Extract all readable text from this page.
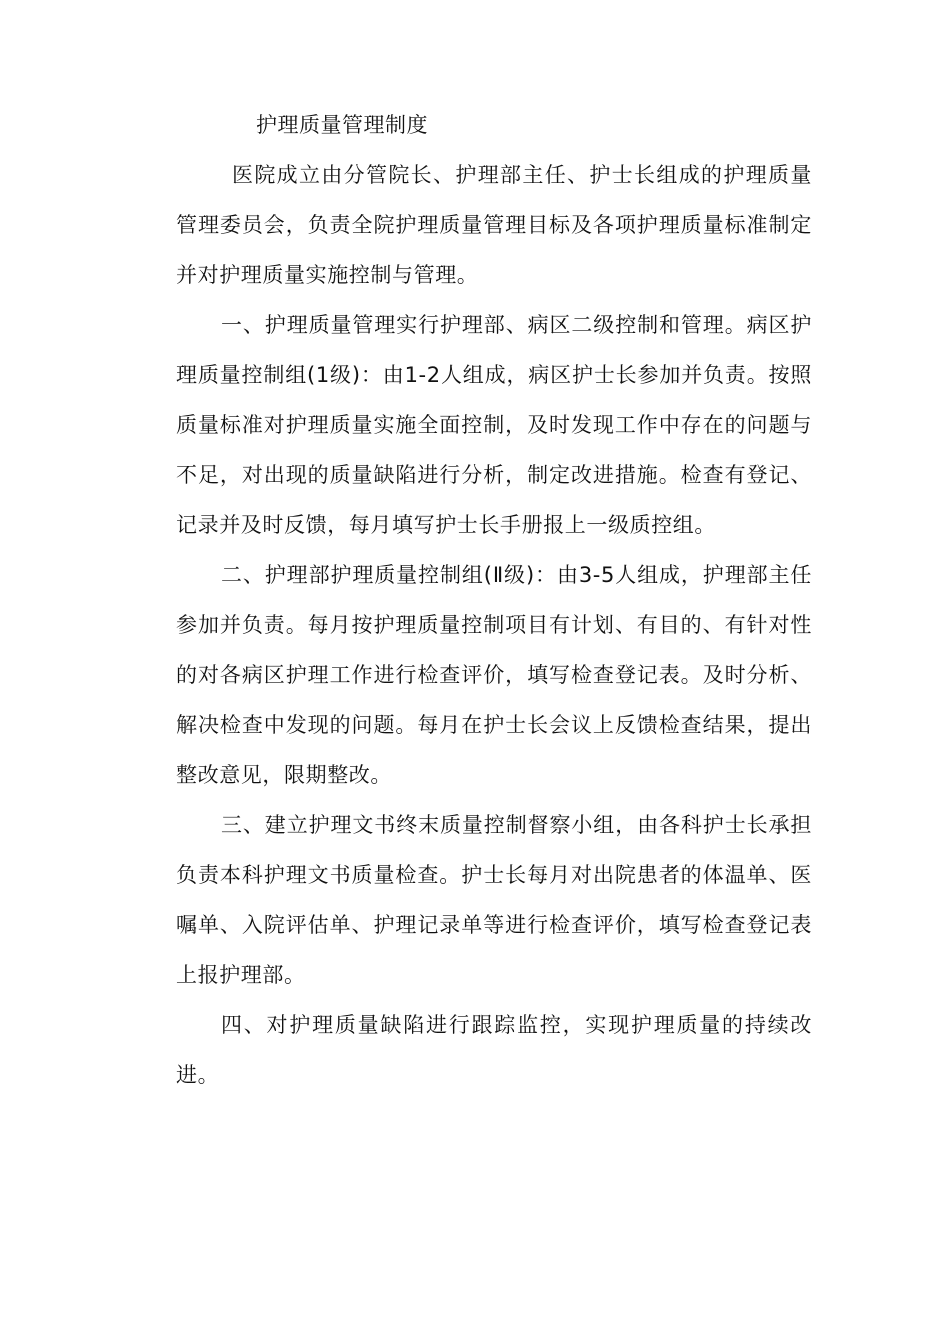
护理质量管理制度

医院成立由分管院长、护理部主任、护士长组成的护理质量管理委员会，负责全院护理质量管理目标及各项护理质量标准制定并对护理质量实施控制与管理。

一、护理质量管理实行护理部、病区二级控制和管理。病区护理质量控制组(1级)：由1-2人组成，病区护士长参加并负责。按照质量标准对护理质量实施全面控制，及时发现工作中存在的问题与不足，对出现的质量缺陷进行分析，制定改进措施。检查有登记、记录并及时反馈，每月填写护士长手册报上一级质控组。

二、护理部护理质量控制组(Ⅱ级)：由3-5人组成，护理部主任参加并负责。每月按护理质量控制项目有计划、有目的、有针对性的对各病区护理工作进行检查评价，填写检查登记表。及时分析、解决检查中发现的问题。每月在护士长会议上反馈检查结果，提出整改意见，限期整改。

三、建立护理文书终末质量控制督察小组，由各科护士长承担负责本科护理文书质量检查。护士长每月对出院患者的体温单、医嘱单、入院评估单、护理记录单等进行检查评价，填写检查登记表上报护理部。

四、对护理质量缺陷进行跟踪监控，实现护理质量的持续改进。
